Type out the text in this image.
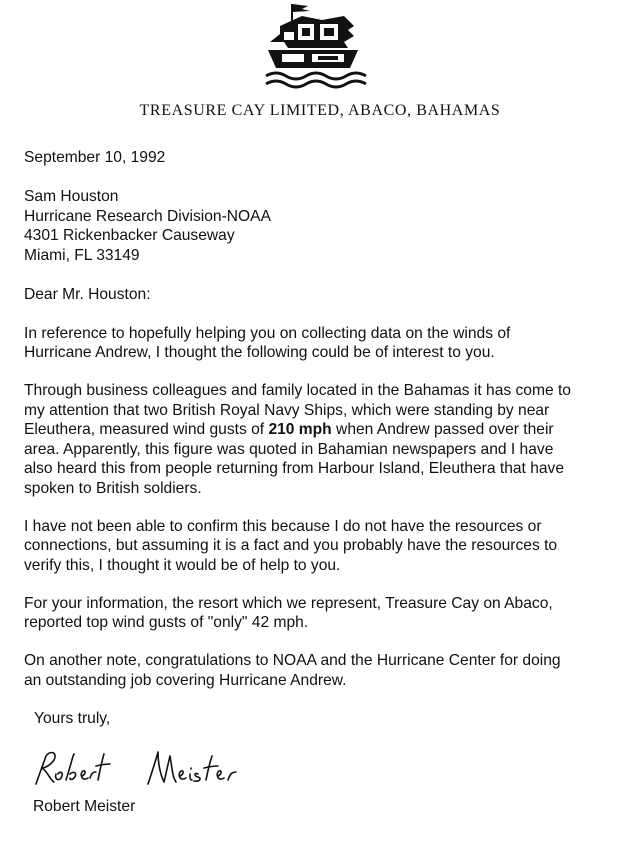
TREASURE CAY LIMITED, ABACO, BAHAMAS
September 10, 1992
Sam Houston
Hurricane Research Division-NOAA
4301 Rickenbacker Causeway
Miami, FL 33149
Dear Mr. Houston:
In reference to hopefully helping you on collecting data on the winds of
Hurricane Andrew, I thought the following could be of interest to you.
Through business colleagues and family located in the Bahamas it has come to
my attention that two British Royal Navy Ships, which were standing by near
Eleuthera, measured wind gusts of 210 mph when Andrew passed over their
area. Apparently, this figure was quoted in Bahamian newspapers and I have
also heard this from people returning from Harbour Island, Eleuthera that have
spoken to British soldiers.
I have not been able to confirm this because I do not have the resources or
connections, but assuming it is a fact and you probably have the resources to
verify this, I thought it would be of help to you.
For your information, the resort which we represent, Treasure Cay on Abaco,
reported top wind gusts of "only" 42 mph.
On another note, congratulations to NOAA and the Hurricane Center for doing
an outstanding job covering Hurricane Andrew.
Yours truly,
Robert Meister
